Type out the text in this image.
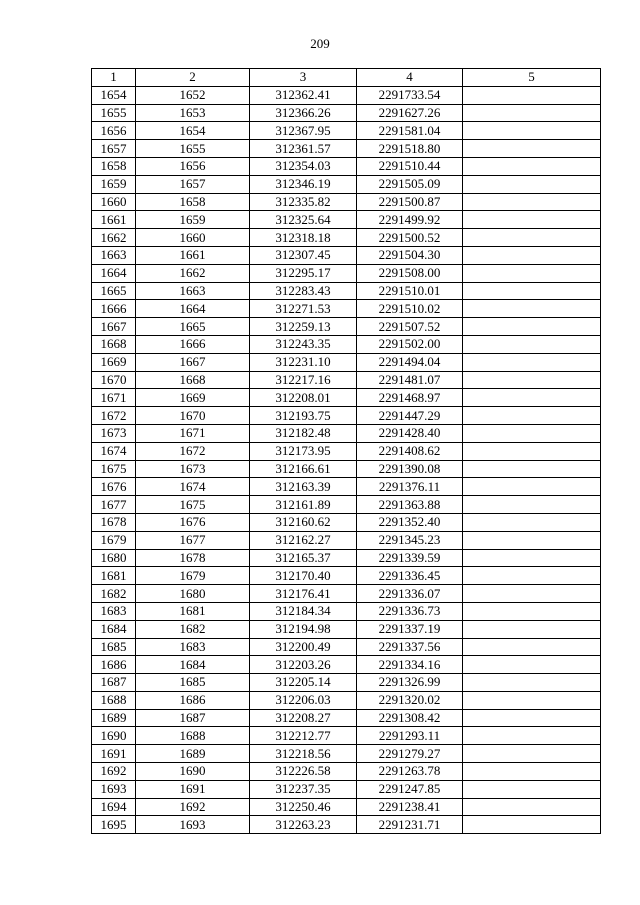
209
1	2	3	4	5
1654	1652	312362.41	2291733.54	
1655	1653	312366.26	2291627.26	
1656	1654	312367.95	2291581.04	
1657	1655	312361.57	2291518.80	
1658	1656	312354.03	2291510.44	
1659	1657	312346.19	2291505.09	
1660	1658	312335.82	2291500.87	
1661	1659	312325.64	2291499.92	
1662	1660	312318.18	2291500.52	
1663	1661	312307.45	2291504.30	
1664	1662	312295.17	2291508.00	
1665	1663	312283.43	2291510.01	
1666	1664	312271.53	2291510.02	
1667	1665	312259.13	2291507.52	
1668	1666	312243.35	2291502.00	
1669	1667	312231.10	2291494.04	
1670	1668	312217.16	2291481.07	
1671	1669	312208.01	2291468.97	
1672	1670	312193.75	2291447.29	
1673	1671	312182.48	2291428.40	
1674	1672	312173.95	2291408.62	
1675	1673	312166.61	2291390.08	
1676	1674	312163.39	2291376.11	
1677	1675	312161.89	2291363.88	
1678	1676	312160.62	2291352.40	
1679	1677	312162.27	2291345.23	
1680	1678	312165.37	2291339.59	
1681	1679	312170.40	2291336.45	
1682	1680	312176.41	2291336.07	
1683	1681	312184.34	2291336.73	
1684	1682	312194.98	2291337.19	
1685	1683	312200.49	2291337.56	
1686	1684	312203.26	2291334.16	
1687	1685	312205.14	2291326.99	
1688	1686	312206.03	2291320.02	
1689	1687	312208.27	2291308.42	
1690	1688	312212.77	2291293.11	
1691	1689	312218.56	2291279.27	
1692	1690	312226.58	2291263.78	
1693	1691	312237.35	2291247.85	
1694	1692	312250.46	2291238.41	
1695	1693	312263.23	2291231.71	
